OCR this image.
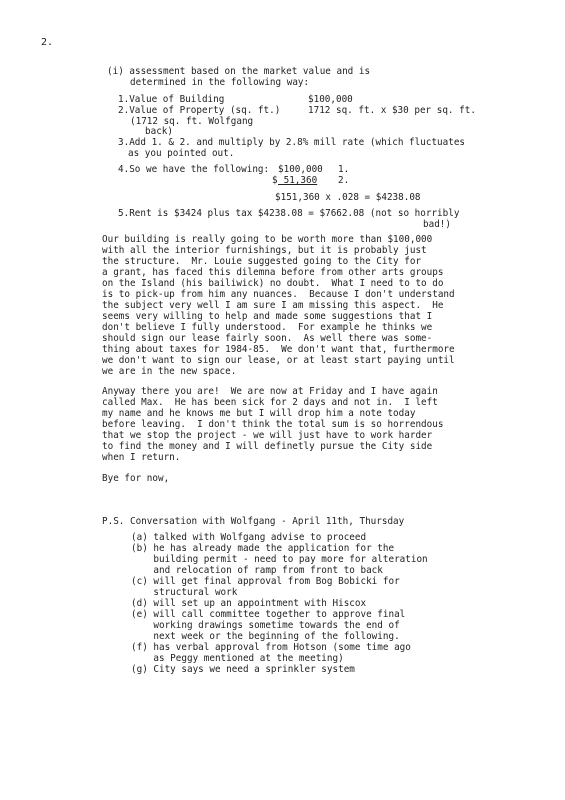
2.
(i) assessment based on the market value and is
determined in the following way:
1.Value of Building	$100,000
2.Value of Property (sq. ft.)	1712 sq. ft. x $30 per sq. ft.
(1712 sq. ft. Wolfgang
back)
3.Add 1. & 2. and multiply by 2.8% mill rate (which fluctuates
as you pointed out.
4.So we have the following: $100,000 1.
$ 51,360 2.
$151,360 x .028 = $4238.08
5.Rent is $3424 plus tax $4238.08 = $7662.08 (not so horribly
bad!)
Our building is really going to be worth more than $100,000
with all the interior furnishings, but it is probably just
the structure.  Mr. Louie suggested going to the City for
a grant, has faced this dilemna before from other arts groups
on the Island (his bailiwick) no doubt.  What I need to to do
is to pick-up from him any nuances.  Because I don't understand
the subject very well I am sure I am missing this aspect.  He
seems very willing to help and made some suggestions that I
don't believe I fully understood.  For example he thinks we
should sign our lease fairly soon.  As well there was some-
thing about taxes for 1984-85.  We don't want that, furthermore
we don't want to sign our lease, or at least start paying until
we are in the new space.
Anyway there you are!  We are now at Friday and I have again
called Max.  He has been sick for 2 days and not in.  I left
my name and he knows me but I will drop him a note today
before leaving.  I don't think the total sum is so horrendous
that we stop the project - we will just have to work harder
to find the money and I will definetly pursue the City side
when I return.
Bye for now,
P.S. Conversation with Wolfgang - April 11th, Thursday
(a) talked with Wolfgang advise to proceed
(b) he has already made the application for the
building permit - need to pay more for alteration
and relocation of ramp from front to back
(c) will get final approval from Bog Bobicki for
structural work
(d) will set up an appointment with Hiscox
(e) will call committee together to approve final
working drawings sometime towards the end of
next week or the beginning of the following.
(f) has verbal approval from Hotson (some time ago
as Peggy mentioned at the meeting)
(g) City says we need a sprinkler system
